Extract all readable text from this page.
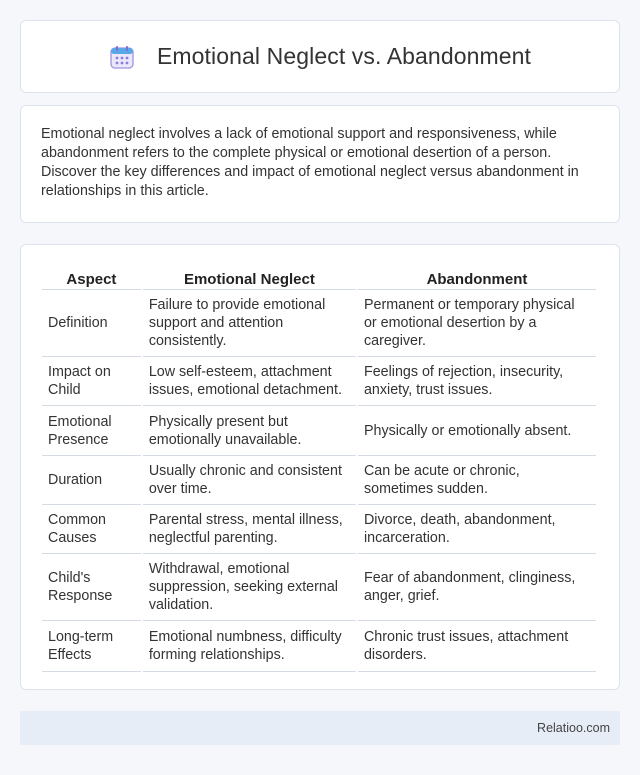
Emotional Neglect vs. Abandonment

Emotional neglect involves a lack of emotional support and responsiveness, while abandonment refers to the complete physical or emotional desertion of a person. Discover the key differences and impact of emotional neglect versus abandonment in relationships in this article.

Aspect	Emotional Neglect	Abandonment
Definition	Failure to provide emotional support and attention consistently.	Permanent or temporary physical or emotional desertion by a caregiver.
Impact on Child	Low self-esteem, attachment issues, emotional detachment.	Feelings of rejection, insecurity, anxiety, trust issues.
Emotional Presence	Physically present but emotionally unavailable.	Physically or emotionally absent.
Duration	Usually chronic and consistent over time.	Can be acute or chronic, sometimes sudden.
Common Causes	Parental stress, mental illness, neglectful parenting.	Divorce, death, abandonment, incarceration.
Child's Response	Withdrawal, emotional suppression, seeking external validation.	Fear of abandonment, clinginess, anger, grief.
Long-term Effects	Emotional numbness, difficulty forming relationships.	Chronic trust issues, attachment disorders.
Relatioo.com
